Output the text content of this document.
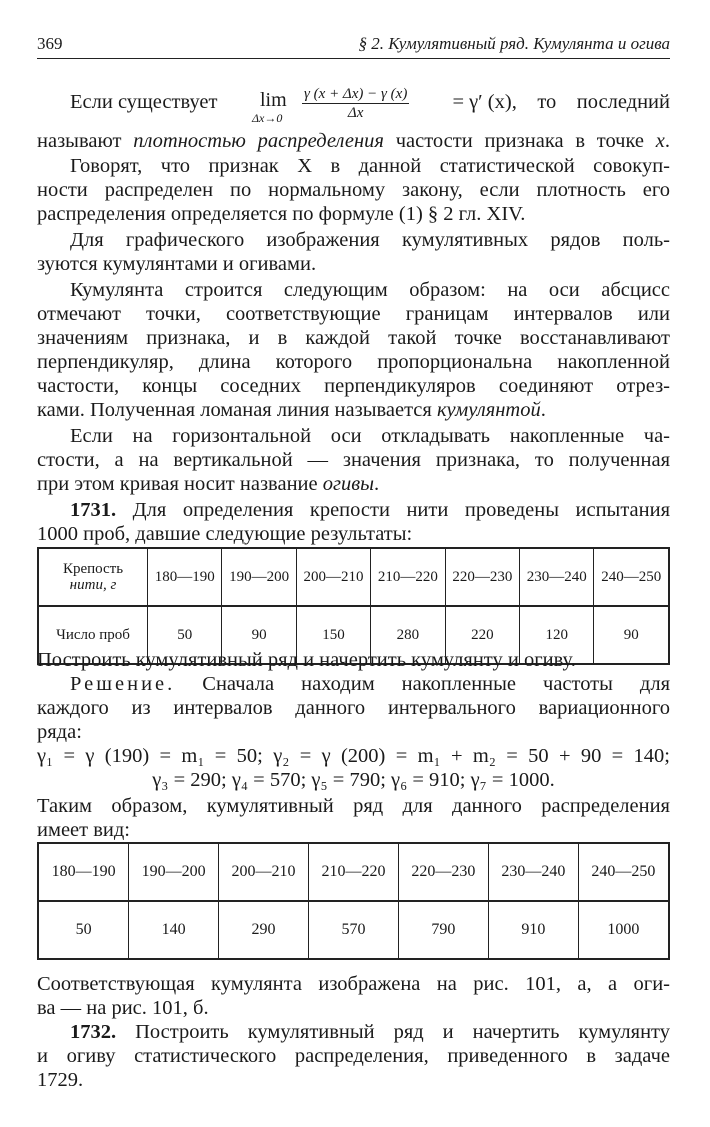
369	§ 2. Кумулятивный ряд. Кумулянта и огива
Если существует lim
$\Delta x\to 0 \frac{\gamma (x + \Delta x) - \gamma (x)}{\Delta x}$	= γ′ (x),    то    последний
называют плотностью распределения частости признака в точке x.
Говорят, что признак X в данной статистической совокуп-
ности распределен по нормальному закону, если плотность его
распределения определяется по формуле (1) § 2 гл. XIV.
Для графического изображения кумулятивных рядов поль-
зуются кумулянтами и огивами.
Кумулянта строится следующим образом: на оси абсцисс
отмечают точки, соответствующие границам интервалов или
значениям признака, и в каждой такой точке восстанавливают
перпендикуляр, длина которого пропорциональна накопленной
частости, концы соседних перпендикуляров соединяют отрез-
ками. Полученная ломаная линия называется кумулянтой.
Если на горизонтальной оси откладывать накопленные ча-
стости, а на вертикальной — значения признака, то полученная
при этом кривая носит название огивы.
1731. Для определения крепости нити проведены испытания
1000 проб, давшие следующие результаты:
Крепость
нити, г	180—190	190—200	200—210	210—220	220—230	230—240	240—250
Число проб	50	90	150	280	220	120	90
Построить кумулятивный ряд и начертить кумулянту и огиву.
Решение. Сначала находим накопленные частоты для
каждого из интервалов данного интервального вариационного
ряда:
γ₁ = γ (190) = m₁ = 50; γ₂ = γ (200) = m₁ + m₂ = 50 + 90 = 140;
γ₃ = 290; γ₄ = 570; γ₅ = 790; γ₆ = 910; γ₇ = 1000.
Таким образом, кумулятивный ряд для данного распределения
имеет вид:
180—190	190—200	200—210	210—220	220—230	230—240	240—250
50	140	290	570	790	910	1000
Соответствующая кумулянта изображена на рис. 101, а, а оги-
ва — на рис. 101, б.
1732. Построить кумулятивный ряд и начертить кумулянту
и огиву статистического распределения, приведенного в задаче
1729.
